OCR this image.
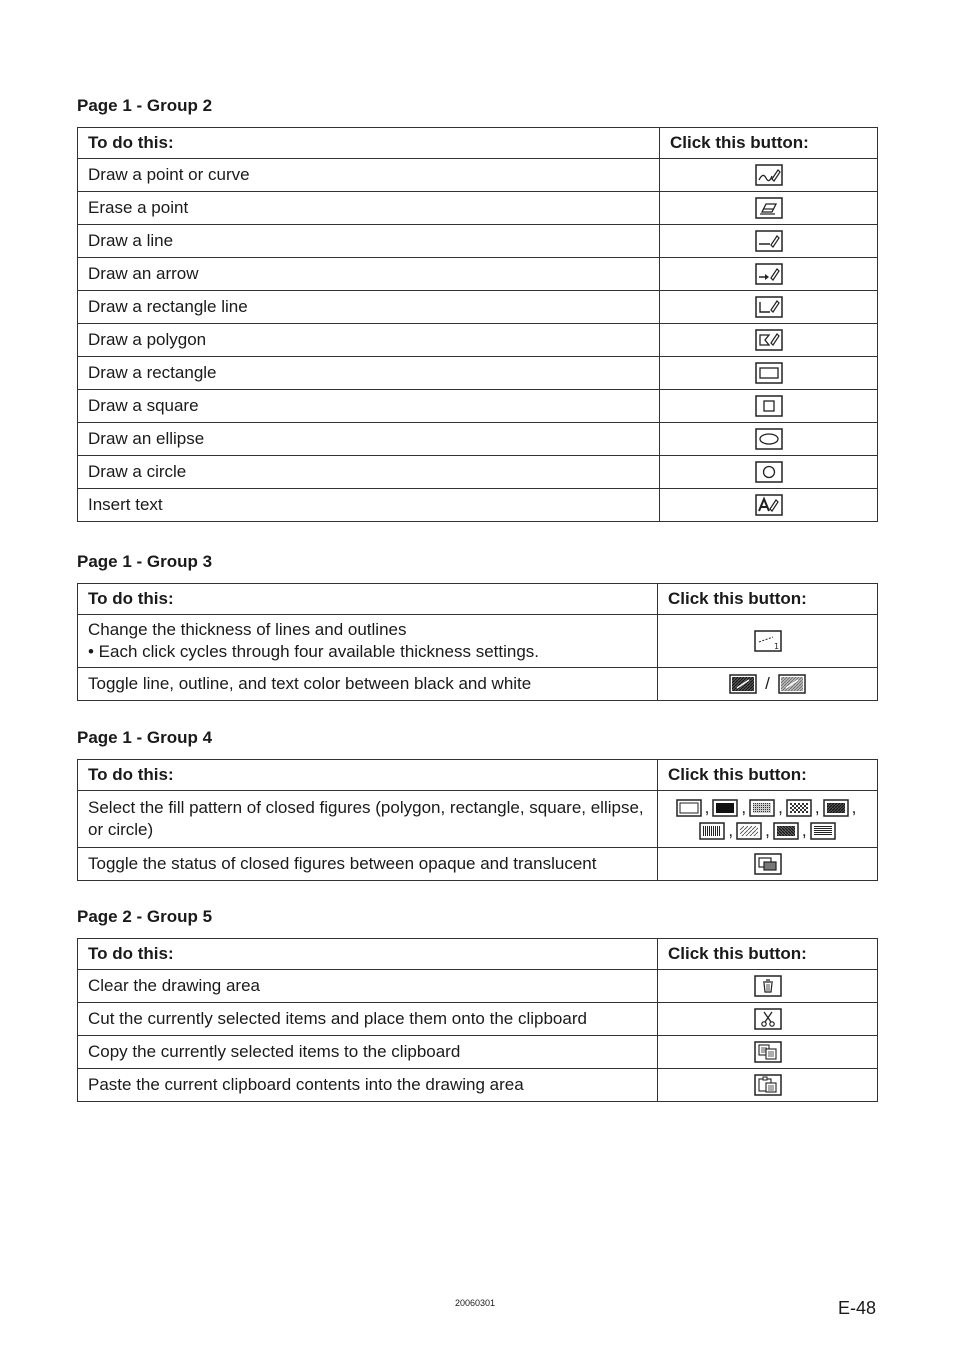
Page 1 - Group 2
To do this:	Click this button:
Draw a point or curve	
Erase a point	
Draw a line	
Draw an arrow	
Draw a rectangle line	
Draw a polygon	
Draw a rectangle	
Draw a square	
Draw an ellipse	
Draw a circle	
Insert text	
Page 1 - Group 3
To do this:	Click this button:

Change the thickness of lines and outlines
• Each click cycles through four available thickness settings.	1

Toggle line, outline, and text color between black and white	/
Page 1 - Group 4
To do this:	Click this button:
Select the fill pattern of closed figures (polygon, rectangle, square, ellipse, or circle)	, , , , ,
, , ,

Toggle the status of closed figures between opaque and translucent	
Page 2 - Group 5
To do this:	Click this button:
Clear the drawing area	
Cut the currently selected items and place them onto the clipboard	
Copy the currently selected items to the clipboard	
Paste the current clipboard contents into the drawing area	
20060301	E-48
